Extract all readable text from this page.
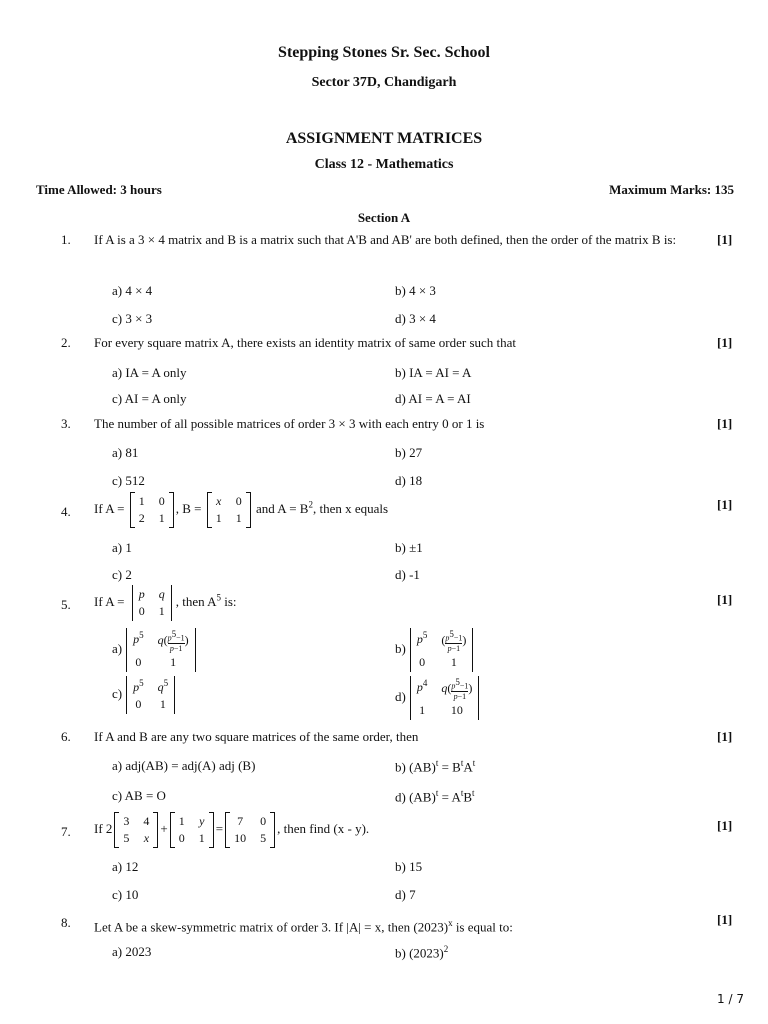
Stepping Stones Sr. Sec. School
Sector 37D, Chandigarh
ASSIGNMENT MATRICES
Class 12 - Mathematics
Time Allowed: 3 hours	Maximum Marks: 135
Section A
1. If A is a 3 × 4 matrix and B is a matrix such that A'B and AB' are both defined, then the order of the matrix B is:	[1]
a) 4 × 4	b) 4 × 3
c) 3 × 3	d) 3 × 4
2. For every square matrix A, there exists an identity matrix of same order such that	[1]
a) IA = A only	b) IA = AI = A
c) AI = A only	d) AI = A = AI
3. The number of all possible matrices of order 3 × 3 with each entry 0 or 1 is	[1]
a) 81	b) 27
c) 512	d) 18
4. If A = 1 0
2 1
, B = x 0
1 1
and $A = B^2$, then x equals	[1]
a) 1	b) ±1
c) 2	d) -1
5. If A = p q
0 1
, then $A^5$ is:	[1]
a)
$p^5$ $q( \frac{p^5-1}{p-1}$ )
0	1
b)
$p^5$ ( $\frac{p^5-1}{p-1}$ )
0	1
c) $p^5$ $q^5$
0 1
d)
$p^4$ $q( \frac{p^5-1}{p-1}$ )
1	10
6. If A and B are any two square matrices of the same order, then	[1]
a) adj(AB) = adj(A) adj (B)	b) $(AB)^t = B^tA^t$
c) AB = O	d) $(AB)^t = A^tB^t$
7. If 2 3 4
5 x
+ 1 y
0 1
= 7 0
10 5
, then find (x - y).	[1]
a) 12	b) 15
c) 10	d) 7
8. Let A be a skew-symmetric matrix of order 3. If |A| = x, then $(2023)^x$ is equal to:	[1]
a) 2023	b) $(2023)^2$
1 / 7
